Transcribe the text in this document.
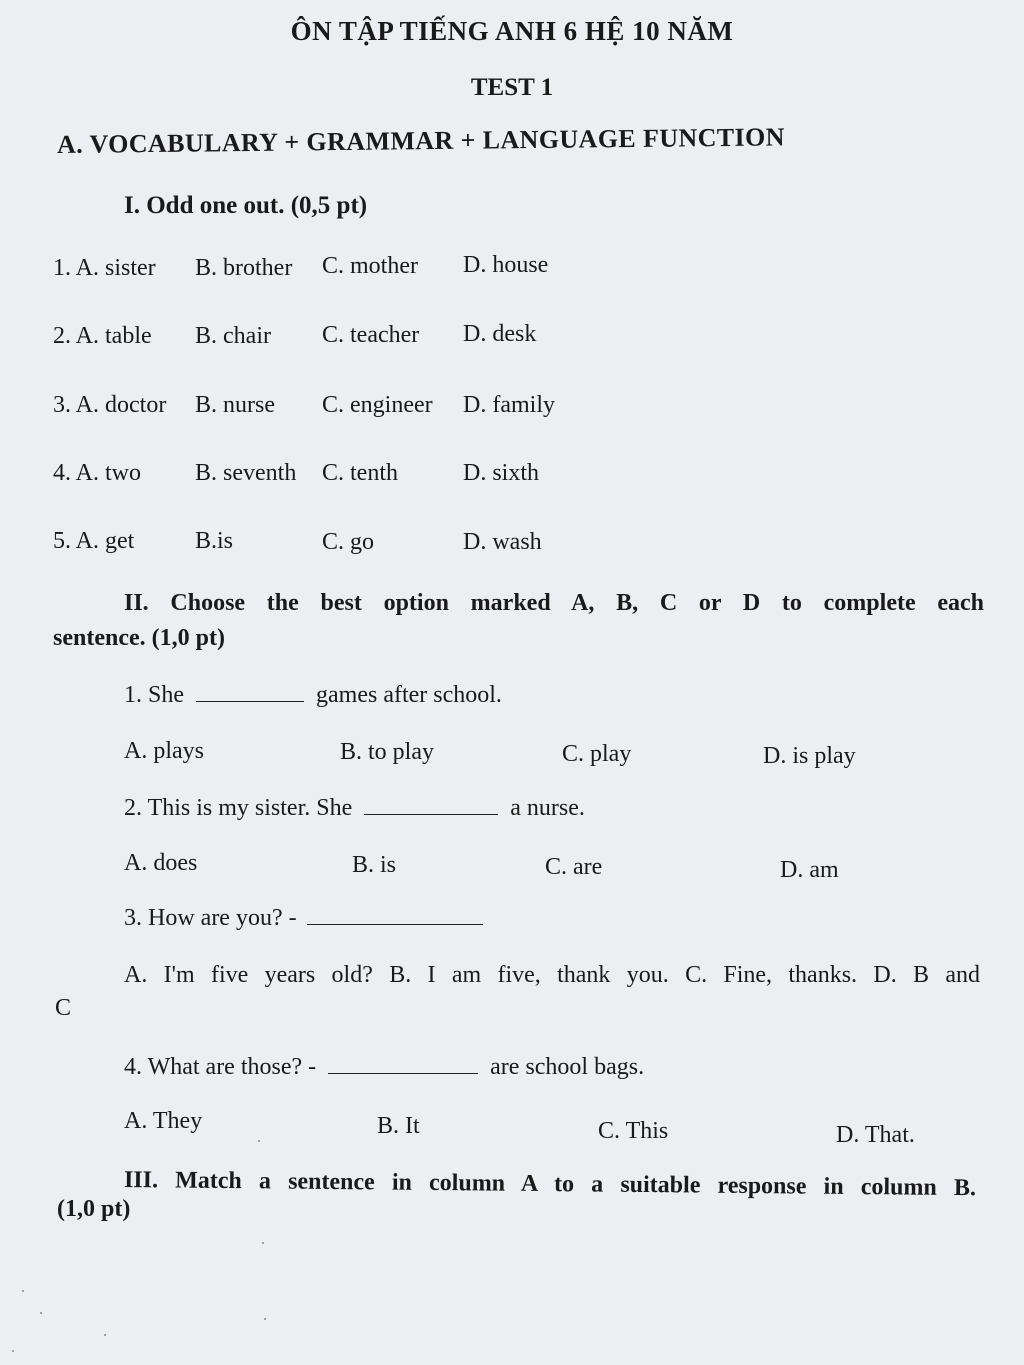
ÔN TẬP TIẾNG ANH 6 HỆ 10 NĂM
TEST 1
A. VOCABULARY + GRAMMAR + LANGUAGE FUNCTION
I. Odd one out. (0,5 pt)
1. A. sister B. brother C. mother D. house
2. A. table B. chair C. teacher D. desk
3. A. doctor B. nurse C. engineer D. family
4. A. two B. seventh C. tenth	D. sixth
5. A. get	B.is	C. go	D. wash
II. Choose the best option marked A, B, C or D to complete each
sentence. (1,0 pt)
1. She	games after school.
A. plays	B. to play	C. play	D. is play
2. This is my sister. She	a nurse.
A. does	B. is	C. are	D. am
3. How are you? -
A. I'm five years old? B. I am five, thank you. C. Fine, thanks. D. B and
C
4. What are those? -	are school bags.
A. They	B. It	C. This	D. That.
III. Match a sentence in column A to a suitable response in column B.
(1,0 pt)
